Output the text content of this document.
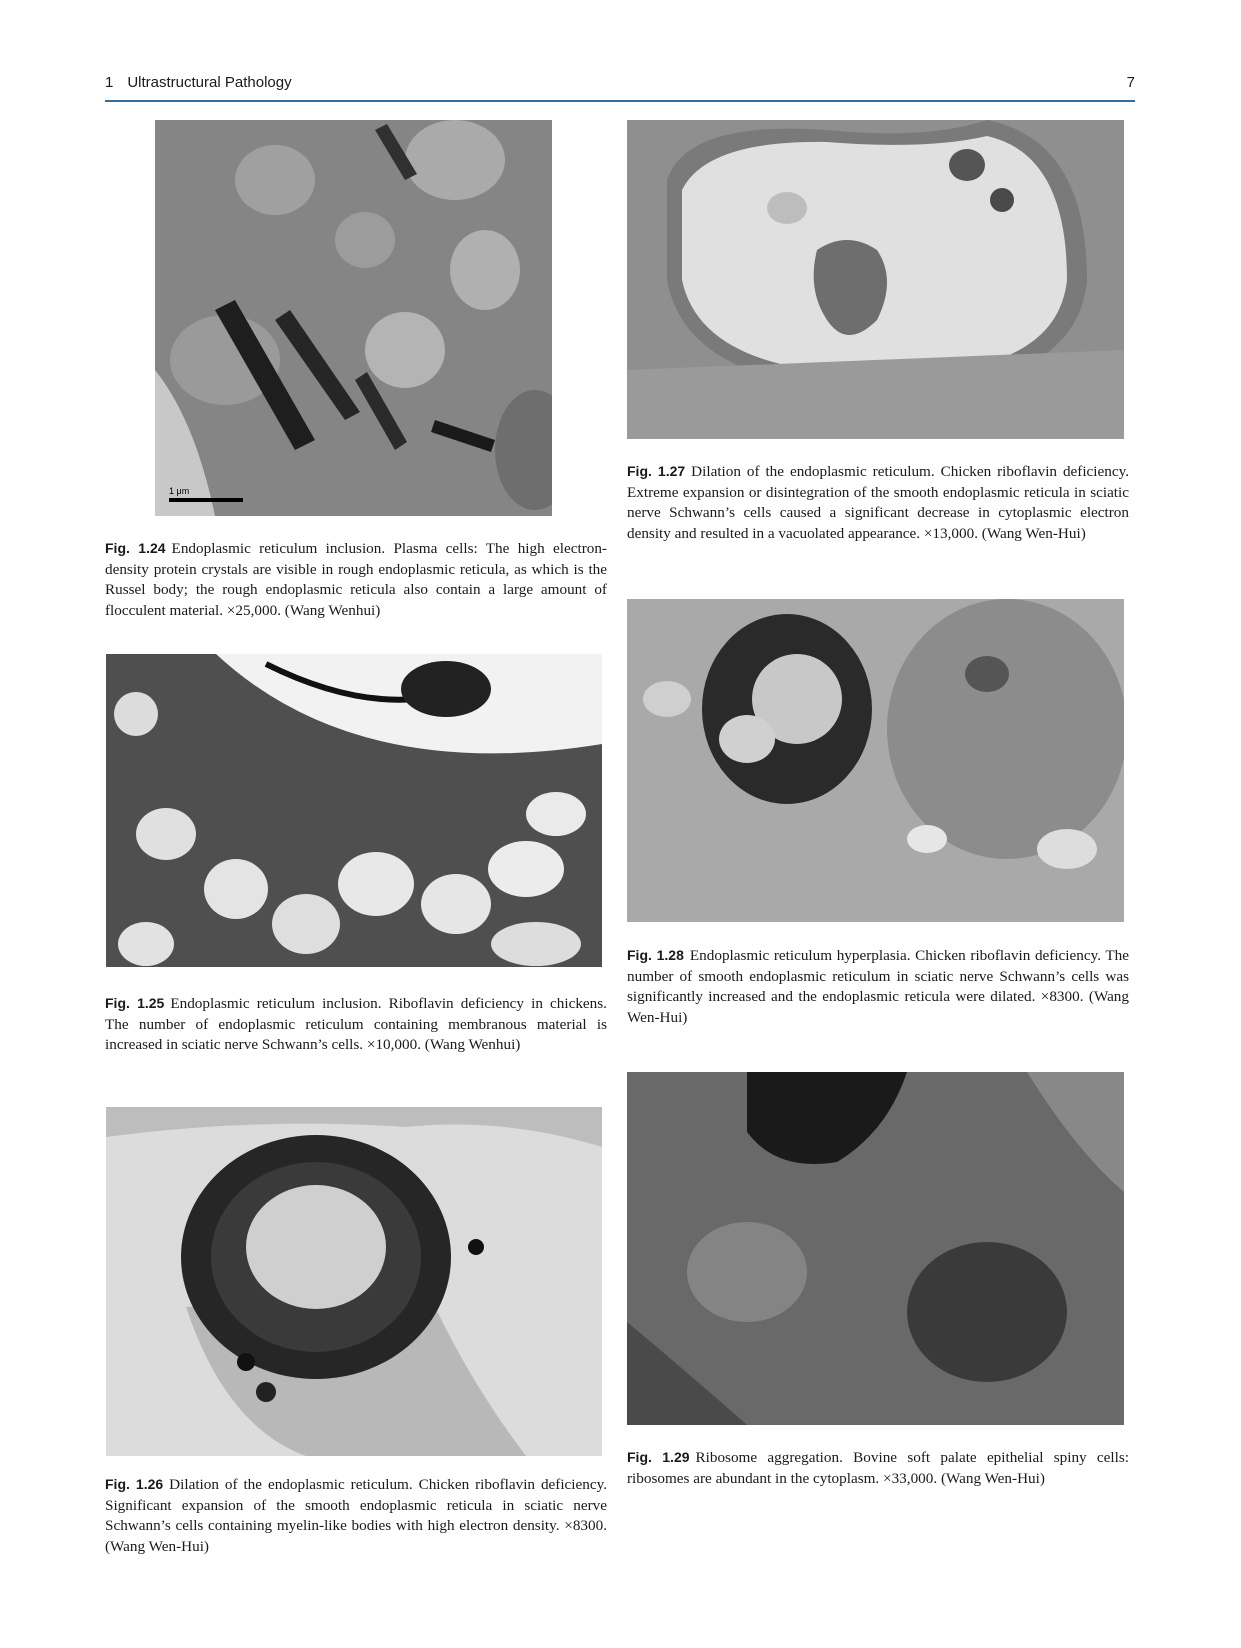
1 Ultrastructural Pathology	7
1 μm
Fig. 1.24 Endoplasmic reticulum inclusion. Plasma cells: The high electron-density protein crystals are visible in rough endoplasmic reticula, as which is the Russel body; the rough endoplasmic reticula also contain a large amount of flocculent material. ×25,000. (Wang Wenhui)
Fig. 1.25 Endoplasmic reticulum inclusion. Riboflavin deficiency in chickens. The number of endoplasmic reticulum containing membranous material is increased in sciatic nerve Schwann’s cells. ×10,000. (Wang Wenhui)
Fig. 1.26 Dilation of the endoplasmic reticulum. Chicken riboflavin deficiency. Significant expansion of the smooth endoplasmic reticula in sciatic nerve Schwann’s cells containing myelin-like bodies with high electron density. ×8300. (Wang Wen-Hui)
Fig. 1.27 Dilation of the endoplasmic reticulum. Chicken riboflavin deficiency. Extreme expansion or disintegration of the smooth endoplasmic reticula in sciatic nerve Schwann’s cells caused a significant decrease in cytoplasmic electron density and resulted in a vacuolated appearance. ×13,000. (Wang Wen-Hui)
Fig. 1.28 Endoplasmic reticulum hyperplasia. Chicken riboflavin deficiency. The number of smooth endoplasmic reticulum in sciatic nerve Schwann’s cells was significantly increased and the endoplasmic reticula were dilated. ×8300. (Wang Wen-Hui)
Fig. 1.29 Ribosome aggregation. Bovine soft palate epithelial spiny cells: ribosomes are abundant in the cytoplasm. ×33,000. (Wang Wen-Hui)
